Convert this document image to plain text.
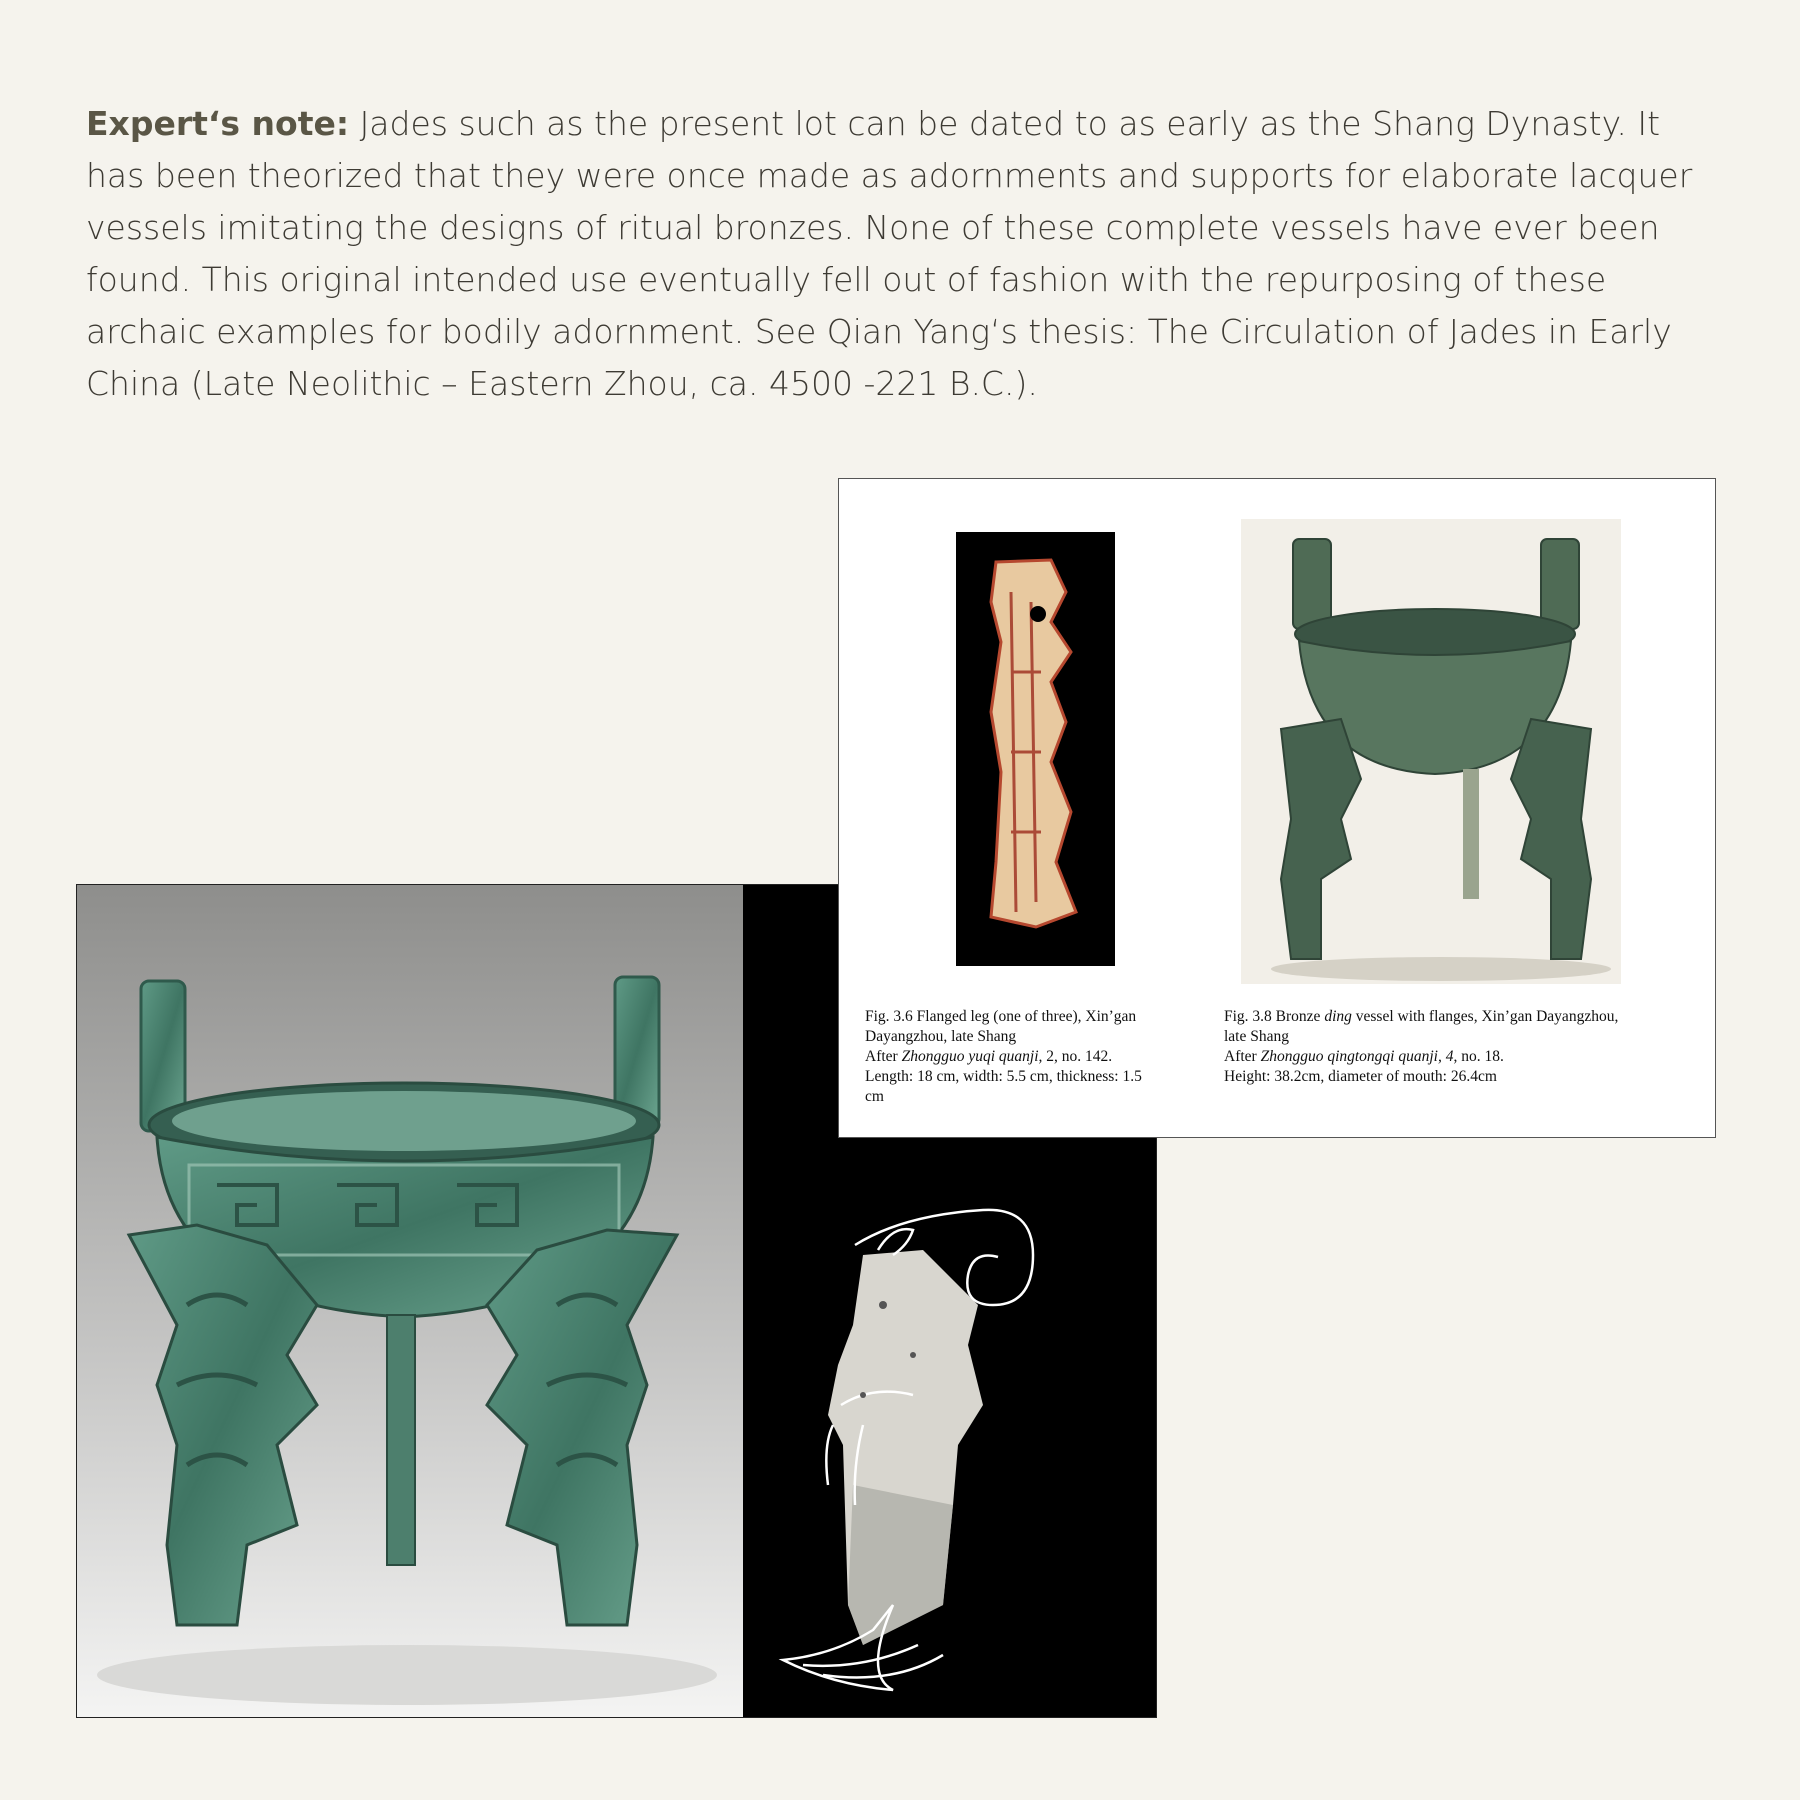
Expert‘s note: Jades such as the present lot can be dated to as early as the Shang Dynasty. It has been theorized that they were once made as adornments and supports for elaborate lacquer vessels imitating the designs of ritual bronzes. None of these complete vessels have ever been found. This original intended use eventually fell out of fashion with the repurposing of these archaic examples for bodily adornment. See Qian Yang‘s thesis: The Circulation of Jades in Early China (Late Neolithic – Eastern Zhou, ca. 4500 -221 B.C.).

Fig. 3.6 Flanged leg (one of three), Xin’gan
Dayangzhou, late Shang
After Zhongguo yuqi quanji, 2, no. 142.
Length: 18 cm, width: 5.5 cm, thickness: 1.5
cm
Fig. 3.8 Bronze ding vessel with flanges, Xin’gan Dayangzhou,
late Shang
After Zhongguo qingtongqi quanji, 4, no. 18.
Height: 38.2cm, diameter of mouth: 26.4cm
